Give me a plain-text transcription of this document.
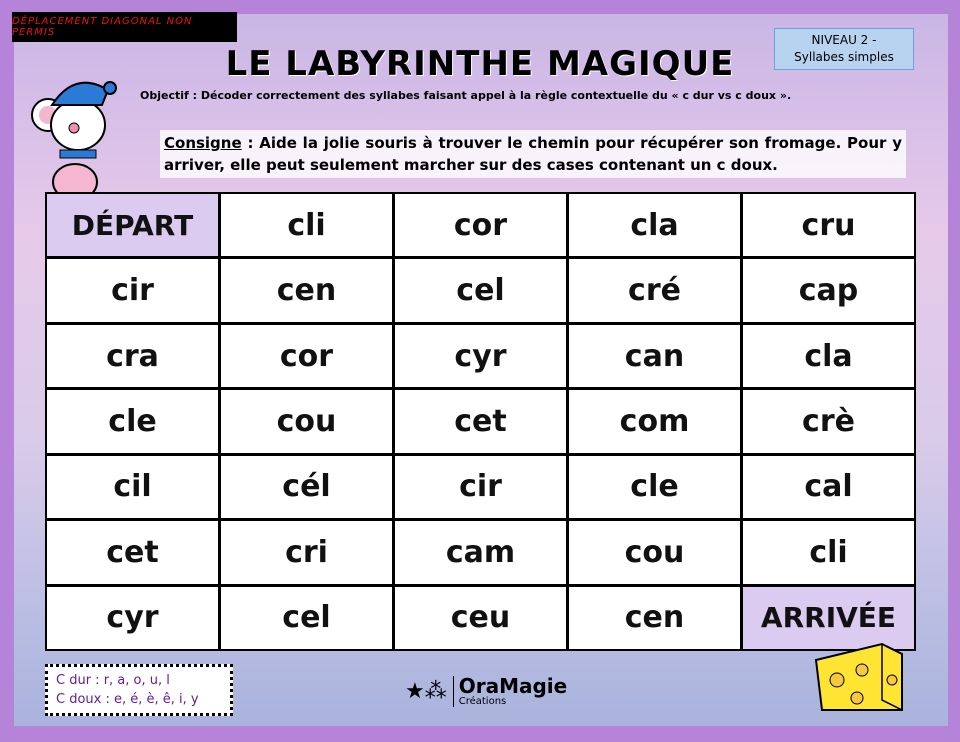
DÉPLACEMENT DIAGONAL NON PERMIS
LE LABYRINTHE MAGIQUE
NIVEAU 2 -
Syllabes simples
Objectif : Décoder correctement des syllabes faisant appel à la règle contextuelle du « c dur vs c doux ».
Consigne : Aide la jolie souris à trouver le chemin pour récupérer son fromage. Pour y arriver, elle peut seulement marcher sur des cases contenant un c doux.
DÉPART	cli	cor	cla	cru
cir	cen	cel	cré	cap
cra	cor	cyr	can	cla
cle	cou	cet	com	crè
cil	cél	cir	cle	cal
cet	cri	cam	cou	cli
cyr	cel	ceu	cen	ARRIVÉE
C dur : r, a, o, u, l
C doux : e, é, è, ê, i, y	★⁂ OraMagie
Créations
